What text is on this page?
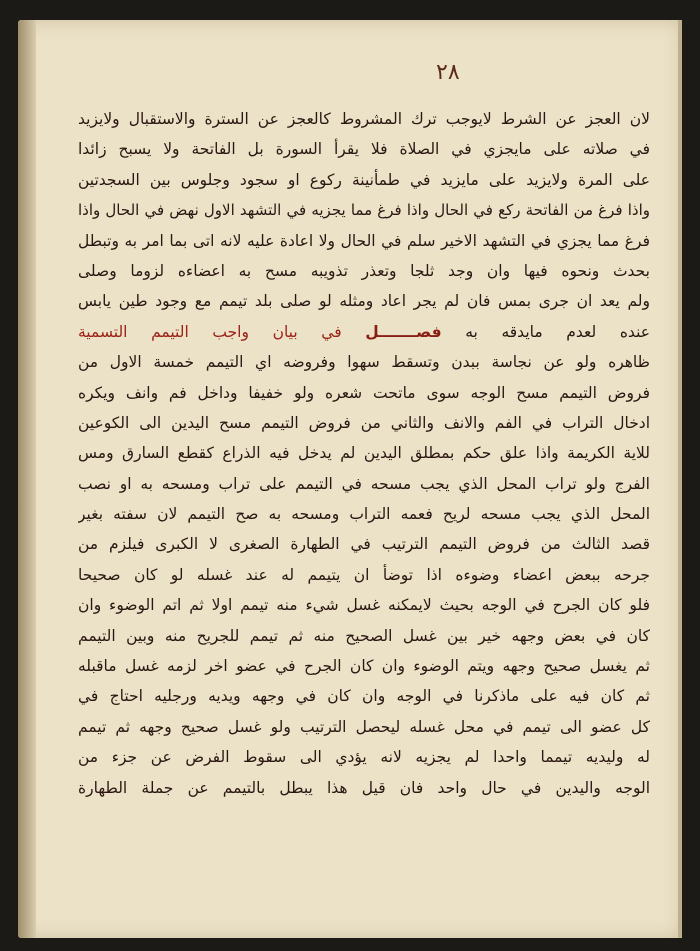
٢٨
لان العجز عن الشرط لايوجب ترك المشروط كالعجز عن السترة والاستقبال ولايزيد
في صلاته على مايجزي في الصلاة فلا يقرأ السورة بل الفاتحة ولا يسبح زائدا
على المرة ولايزيد على مايزيد في طمأنينة ركوع او سجود وجلوس بين السجدتين
واذا فرغ من الفاتحة ركع في الحال واذا فرغ مما يجزيه في التشهد الاول نهض في الحال واذا
فرغ مما يجزي في التشهد الاخير سلم في الحال ولا اعادة عليه لانه اتى بما امر به وتبطل
بحدث ونحوه فيها وان وجد ثلجا وتعذر تذويبه مسح به اعضاءه لزوما وصلى
ولم يعد ان جرى بمس فان لم يجر اعاد ومثله لو صلى بلد تيمم مع وجود طين يابس
عنده لعدم مايدقه به فصـــــــل في بيان واجب التيمم التسمية
ظاهره ولو عن نجاسة ببدن وتسقط سهوا وفروضه اي التيمم خمسة الاول من
فروض التيمم مسح الوجه سوى ماتحت شعره ولو خفيفا وداخل فم وانف ويكره
ادخال التراب في الفم والانف والثاني من فروض التيمم مسح اليدين الى الكوعين
للاية الكريمة واذا علق حكم بمطلق اليدين لم يدخل فيه الذراع كقطع السارق ومس
الفرج ولو تراب المحل الذي يجب مسحه في التيمم على تراب ومسحه به او نصب
المحل الذي يجب مسحه لريح فعمه التراب ومسحه به صح التيمم لان سفته بغير
قصد الثالث من فروض التيمم الترتيب في الطهارة الصغرى لا الكبرى فيلزم من
جرحه ببعض اعضاء وضوءه اذا توضأ ان يتيمم له عند غسله لو كان صحيحا
فلو كان الجرح في الوجه بحيث لايمكنه غسل شيء منه تيمم اولا ثم اتم الوضوء وان
كان في بعض وجهه خير بين غسل الصحيح منه ثم تيمم للجريح منه وبين التيمم
ثم يغسل صحيح وجهه ويتم الوضوء وان كان الجرح في عضو اخر لزمه غسل ماقبله
ثم كان فيه على ماذكرنا في الوجه وان كان في وجهه ويديه ورجليه احتاج في
كل عضو الى تيمم في محل غسله ليحصل الترتيب ولو غسل صحيح وجهه ثم تيمم
له وليديه تيمما واحدا لم يجزيه لانه يؤدي الى سقوط الفرض عن جزء من
الوجه واليدين في حال واحد فان قيل هذا يبطل بالتيمم عن جملة الطهارة
